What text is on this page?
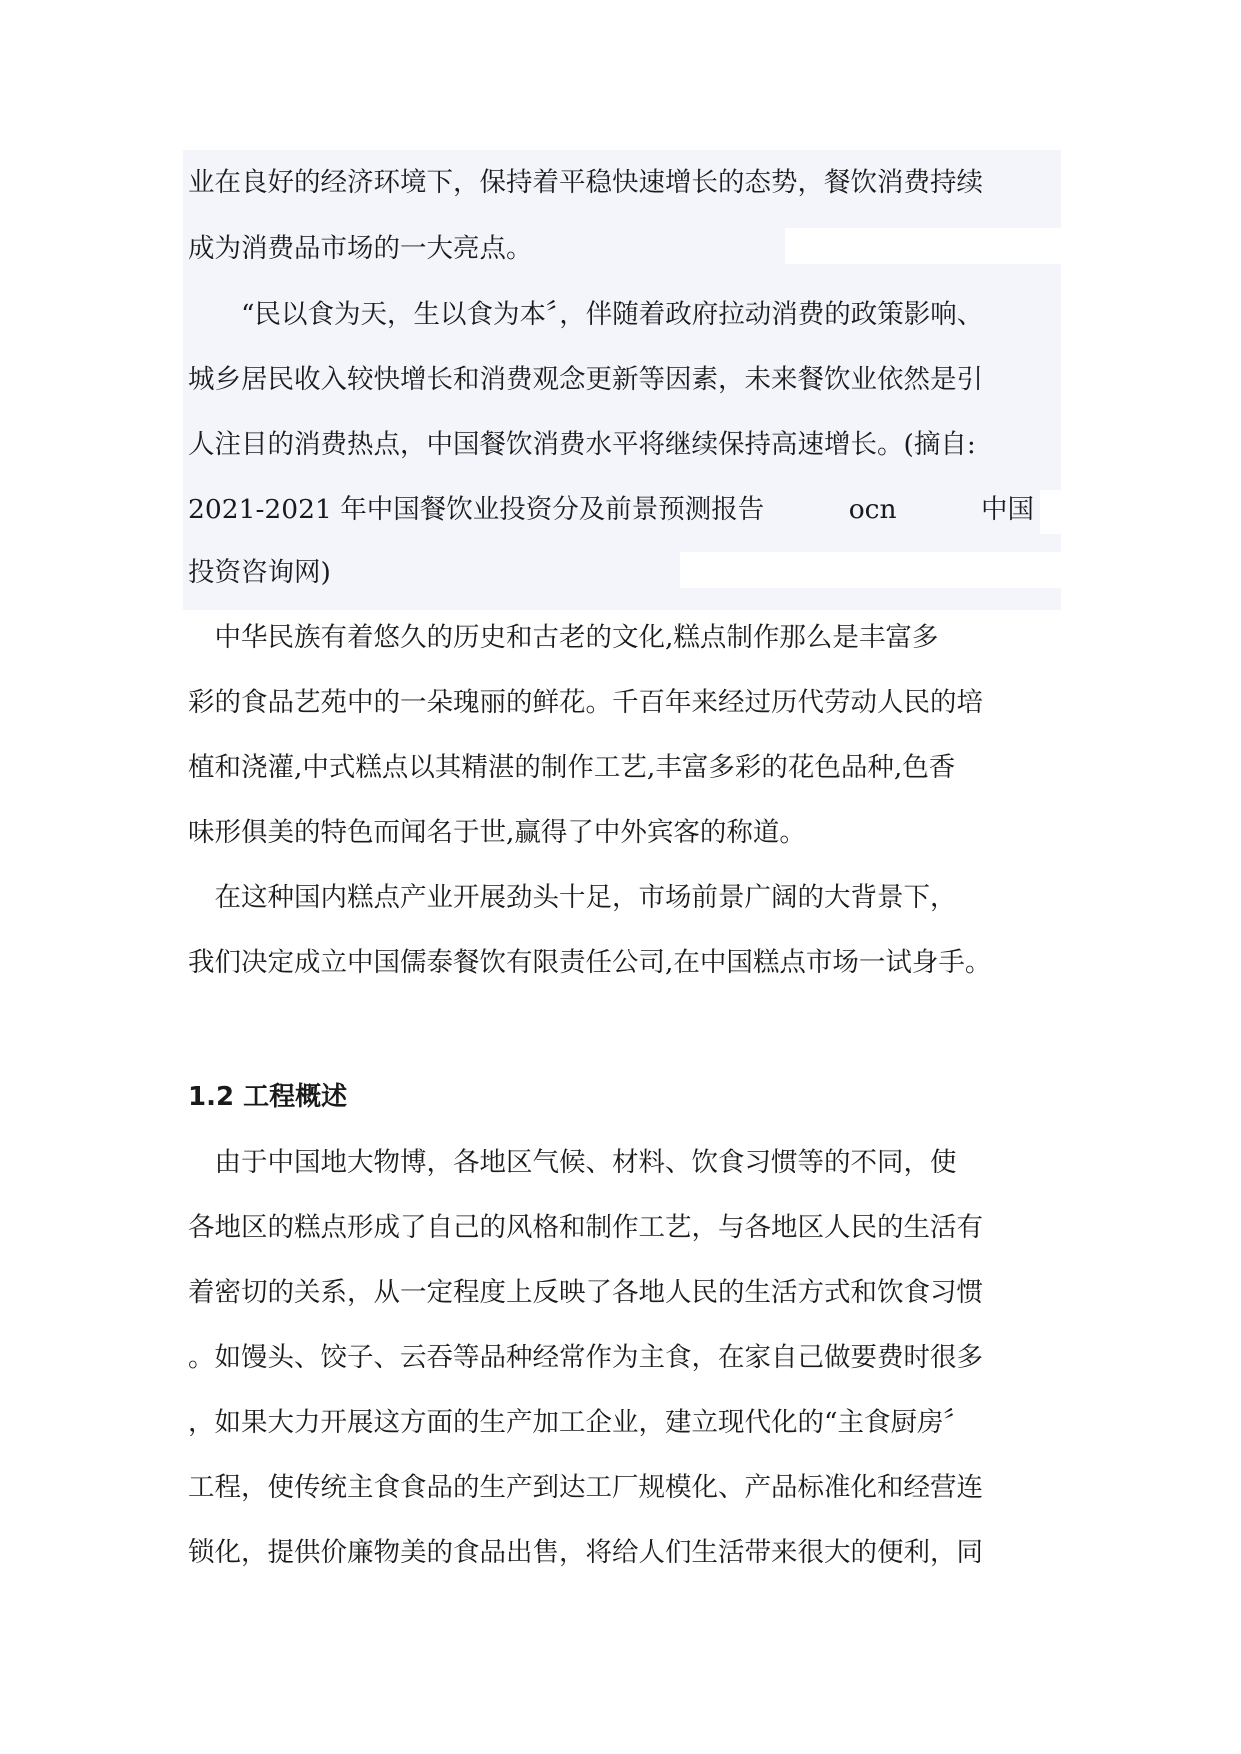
业在良好的经济环境下，保持着平稳快速增长的态势，餐饮消费持续
成为消费品市场的一大亮点。
　　“民以食为天，生以食为本〞，伴随着政府拉动消费的政策影响、
城乡居民收入较快增长和消费观念更新等因素，未来餐饮业依然是引
人注目的消费热点，中国餐饮消费水平将继续保持高速增长。(摘自:
2021-2021 年中国餐饮业投资分及前景预测报告	ocn	中国
投资咨询网)
　中华民族有着悠久的历史和古老的文化,糕点制作那么是丰富多
彩的食品艺苑中的一朵瑰丽的鲜花。千百年来经过历代劳动人民的培
植和浇灌,中式糕点以其精湛的制作工艺,丰富多彩的花色品种,色香
味形俱美的特色而闻名于世,赢得了中外宾客的称道。
　在这种国内糕点产业开展劲头十足，市场前景广阔的大背景下，
我们决定成立中国儒泰餐饮有限责任公司,在中国糕点市场一试身手。
1.2 工程概述
　由于中国地大物博，各地区气候、材料、饮食习惯等的不同，使
各地区的糕点形成了自己的风格和制作工艺，与各地区人民的生活有
着密切的关系，从一定程度上反映了各地人民的生活方式和饮食习惯
。如馒头、饺子、云吞等品种经常作为主食，在家自己做要费时很多
，如果大力开展这方面的生产加工企业，建立现代化的“主食厨房〞
工程，使传统主食食品的生产到达工厂规模化、产品标准化和经营连
锁化，提供价廉物美的食品出售，将给人们生活带来很大的便利，同
